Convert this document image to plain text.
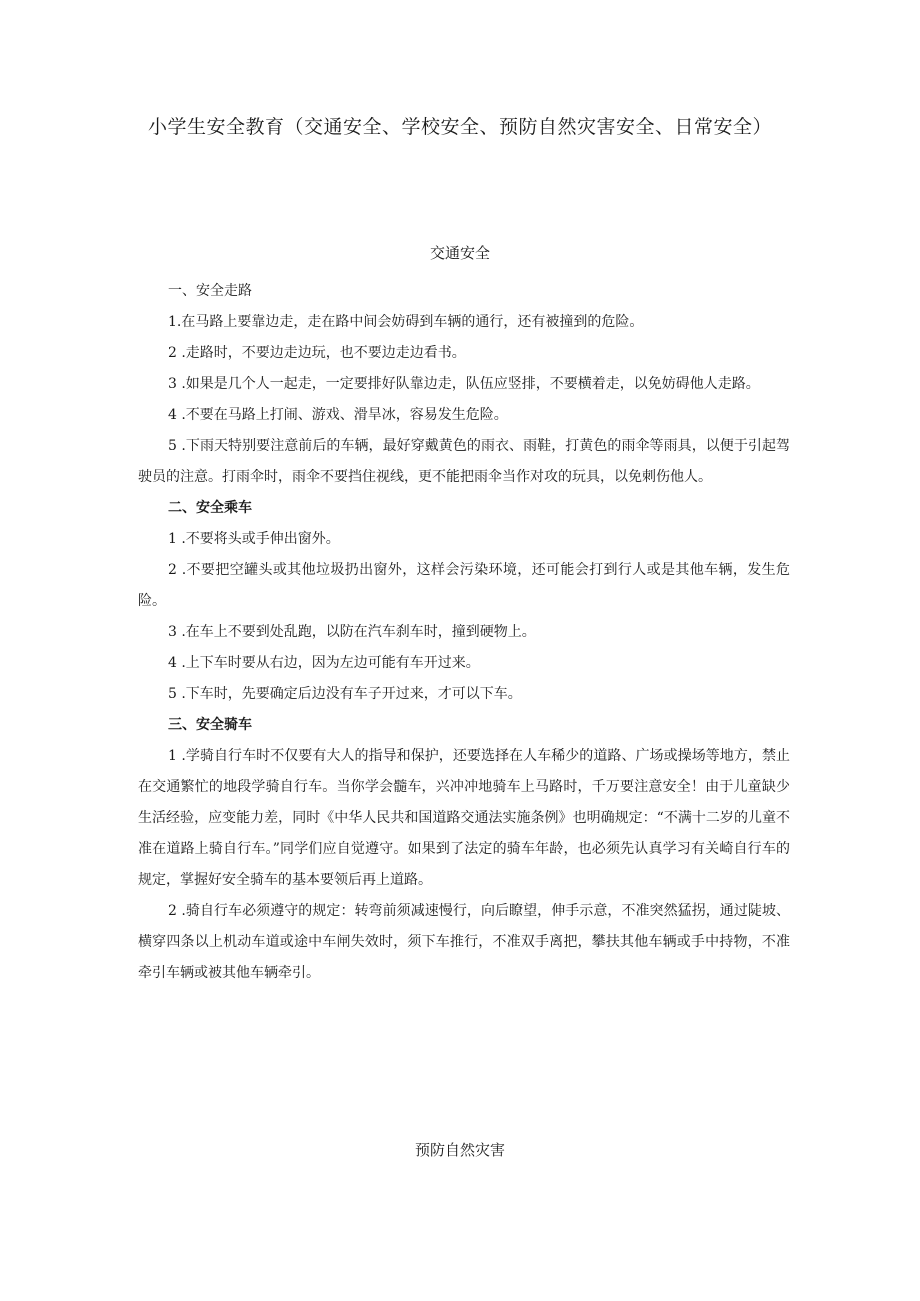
小学生安全教育（交通安全、学校安全、预防自然灾害安全、日常安全）
交通安全

一、安全走路

1.在马路上要靠边走，走在路中间会妨碍到车辆的通行，还有被撞到的危险。

2 .走路时，不要边走边玩，也不要边走边看书。

3 .如果是几个人一起走，一定要排好队靠边走，队伍应竖排，不要横着走，以免妨碍他人走路。

4 .不要在马路上打闹、游戏、滑旱冰，容易发生危险。

5 .下雨天特别要注意前后的车辆，最好穿戴黄色的雨衣、雨鞋，打黄色的雨伞等雨具，以便于引起驾驶员的注意。打雨伞时，雨伞不要挡住视线，更不能把雨伞当作对攻的玩具，以免刺伤他人。

二、安全乘车

1 .不要将头或手伸出窗外。

2 .不要把空罐头或其他垃圾扔出窗外，这样会污染环境，还可能会打到行人或是其他车辆，发生危险。

3 .在车上不要到处乱跑，以防在汽车刹车时，撞到硬物上。

4 .上下车时要从右边，因为左边可能有车开过来。

5 .下车时，先要确定后边没有车子开过来，才可以下车。

三、安全骑车

1 .学骑自行车时不仅要有大人的指导和保护，还要选择在人车稀少的道路、广场或操场等地方，禁止在交通繁忙的地段学骑自行车。当你学会髓车，兴冲冲地骑车上马路时，千万要注意安全！由于儿童缺少生活经验，应变能力差，同时《中华人民共和国道路交通法实施条例》也明确规定：“不满十二岁的儿童不准在道路上骑自行车。”同学们应自觉遵守。如果到了法定的骑车年龄，也必须先认真学习有关崎自行车的规定，掌握好安全骑车的基本要领后再上道路。

2 .骑自行车必须遵守的规定：转弯前须减速慢行，向后瞭望，伸手示意，不准突然猛拐，通过陡坡、横穿四条以上机动车道或途中车闸失效时，须下车推行，不准双手离把，攀扶其他车辆或手中持物，不准牵引车辆或被其他车辆牵引。

预防自然灾害
